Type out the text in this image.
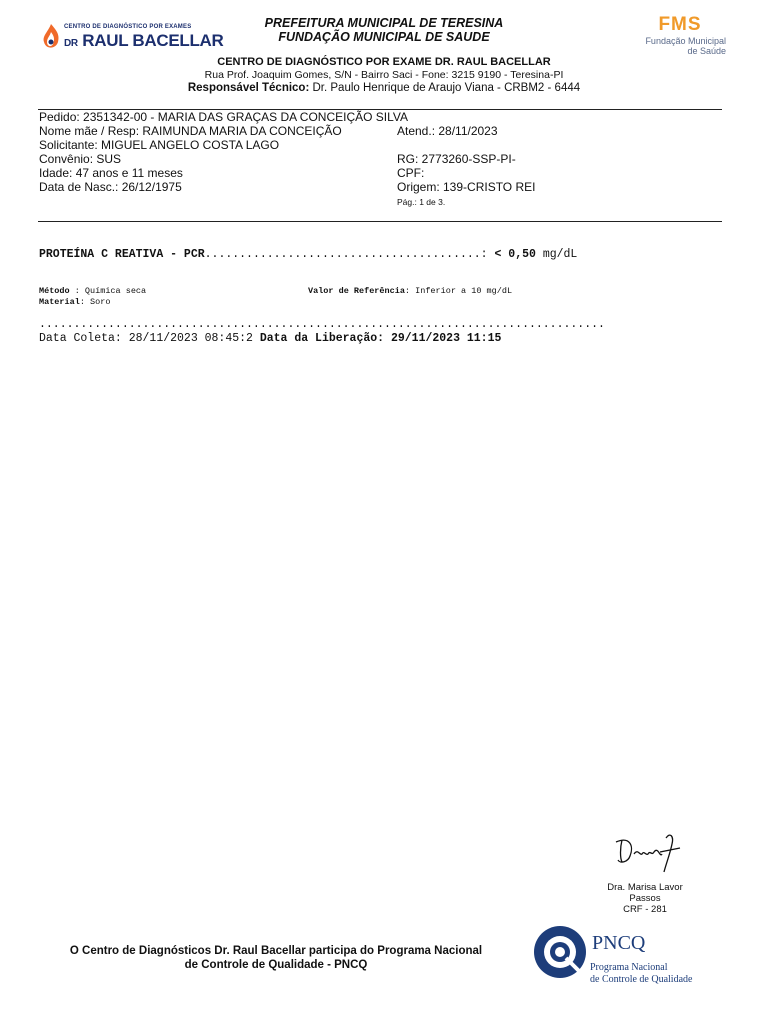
CENTRO DE DIAGNÓSTICO POR EXAMES
DR RAUL BACELLAR
PREFEITURA MUNICIPAL DE TERESINA
FUNDAÇÃO MUNICIPAL DE SAUDE
FMS
Fundação Municipal
de Saúde
CENTRO DE DIAGNÓSTICO POR EXAME DR. RAUL BACELLAR
Rua Prof. Joaquim Gomes, S/N - Bairro Saci - Fone: 3215 9190 - Teresina-PI
Responsável Técnico: Dr. Paulo Henrique de Araujo Viana - CRBM2 - 6444
Pedido: 2351342-00 - MARIA DAS GRAÇAS DA CONCEIÇÃO SILVA
Nome mãe / Resp: RAIMUNDA MARIA DA CONCEIÇÃO	Atend.: 28/11/2023
Solicitante: MIGUEL ANGELO COSTA LAGO
Convênio: SUS	RG: 2773260-SSP-PI-
Idade: 47 anos e 11 meses	CPF:
Data de Nasc.: 26/12/1975	Origem: 139-CRISTO REI
Pág.: 1 de 3.
PROTEÍNA C REATIVA - PCR........................................: < 0,50 mg/dL
Método : Química seca	Valor de Referência: Inferior a 10 mg/dL
Material: Soro
..................................................................................
Data Coleta: 28/11/2023 08:45:2 Data da Liberação: 29/11/2023 11:15
Dra. Marisa Lavor
Passos
CRF - 281
O Centro de Diagnósticos Dr. Raul Bacellar participa do Programa Nacional
de Controle de Qualidade - PNCQ
PNCQ
Programa Nacional
de Controle de Qualidade
